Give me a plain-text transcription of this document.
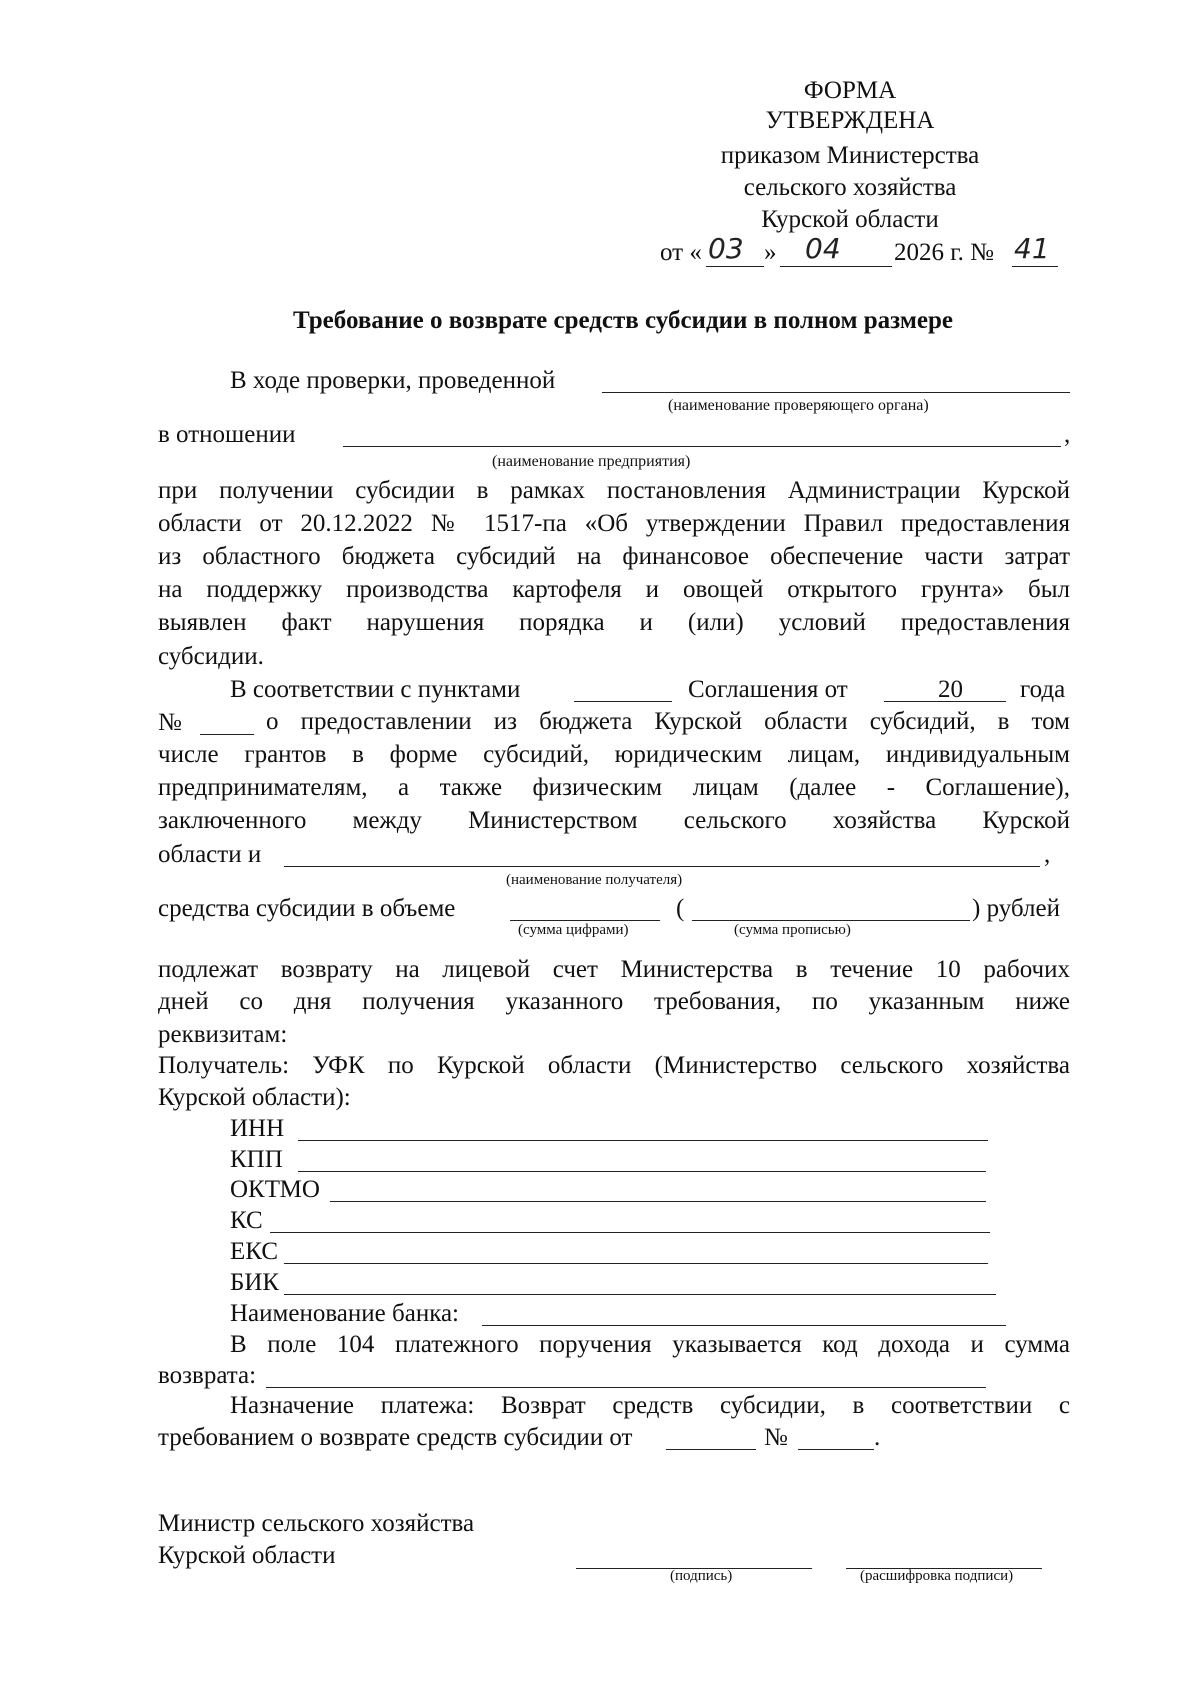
ФОРМА
УТВЕРЖДЕНА
приказом Министерства
сельского хозяйства
Курской области
от « 03 » 04 2026 г. № 41
Требование о возврате средств субсидии в полном размере
В ходе проверки, проведенной
(наименование проверяющего органа)
в отношении	,
(наименование предприятия)
при получении субсидии в рамках постановления Администрации Курской
области от 20.12.2022 № 1517-па «Об утверждении Правил предоставления
из областного бюджета субсидий на финансовое обеспечение части затрат
на поддержку производства картофеля и овощей открытого грунта» был
выявлен факт нарушения порядка и (или) условий предоставления
субсидии.
В соответствии с пунктами	Соглашения от	20 года
№	о предоставлении из бюджета Курской области субсидий, в том
числе грантов в форме субсидий, юридическим лицам, индивидуальным
предпринимателям, а также физическим лицам (далее - Соглашение),
заключенного между Министерством сельского хозяйства Курской
области и	,
(наименование получателя)
средства субсидии в объеме	(	) рублей
(сумма цифрами)	(сумма прописью)
подлежат возврату на лицевой счет Министерства в течение 10 рабочих
дней со дня получения указанного требования, по указанным ниже
реквизитам:
Получатель: УФК по Курской области (Министерство сельского хозяйства
Курской области):
ИНН
КПП
ОКТМО
КС
ЕКС
БИК
Наименование банка:
В поле 104 платежного поручения указывается код дохода и сумма
возврата:
Назначение платежа: Возврат средств субсидии, в соответствии с
требованием о возврате средств субсидии от	№	.
Министр сельского хозяйства
Курской области
(подпись)	(расшифровка подписи)
